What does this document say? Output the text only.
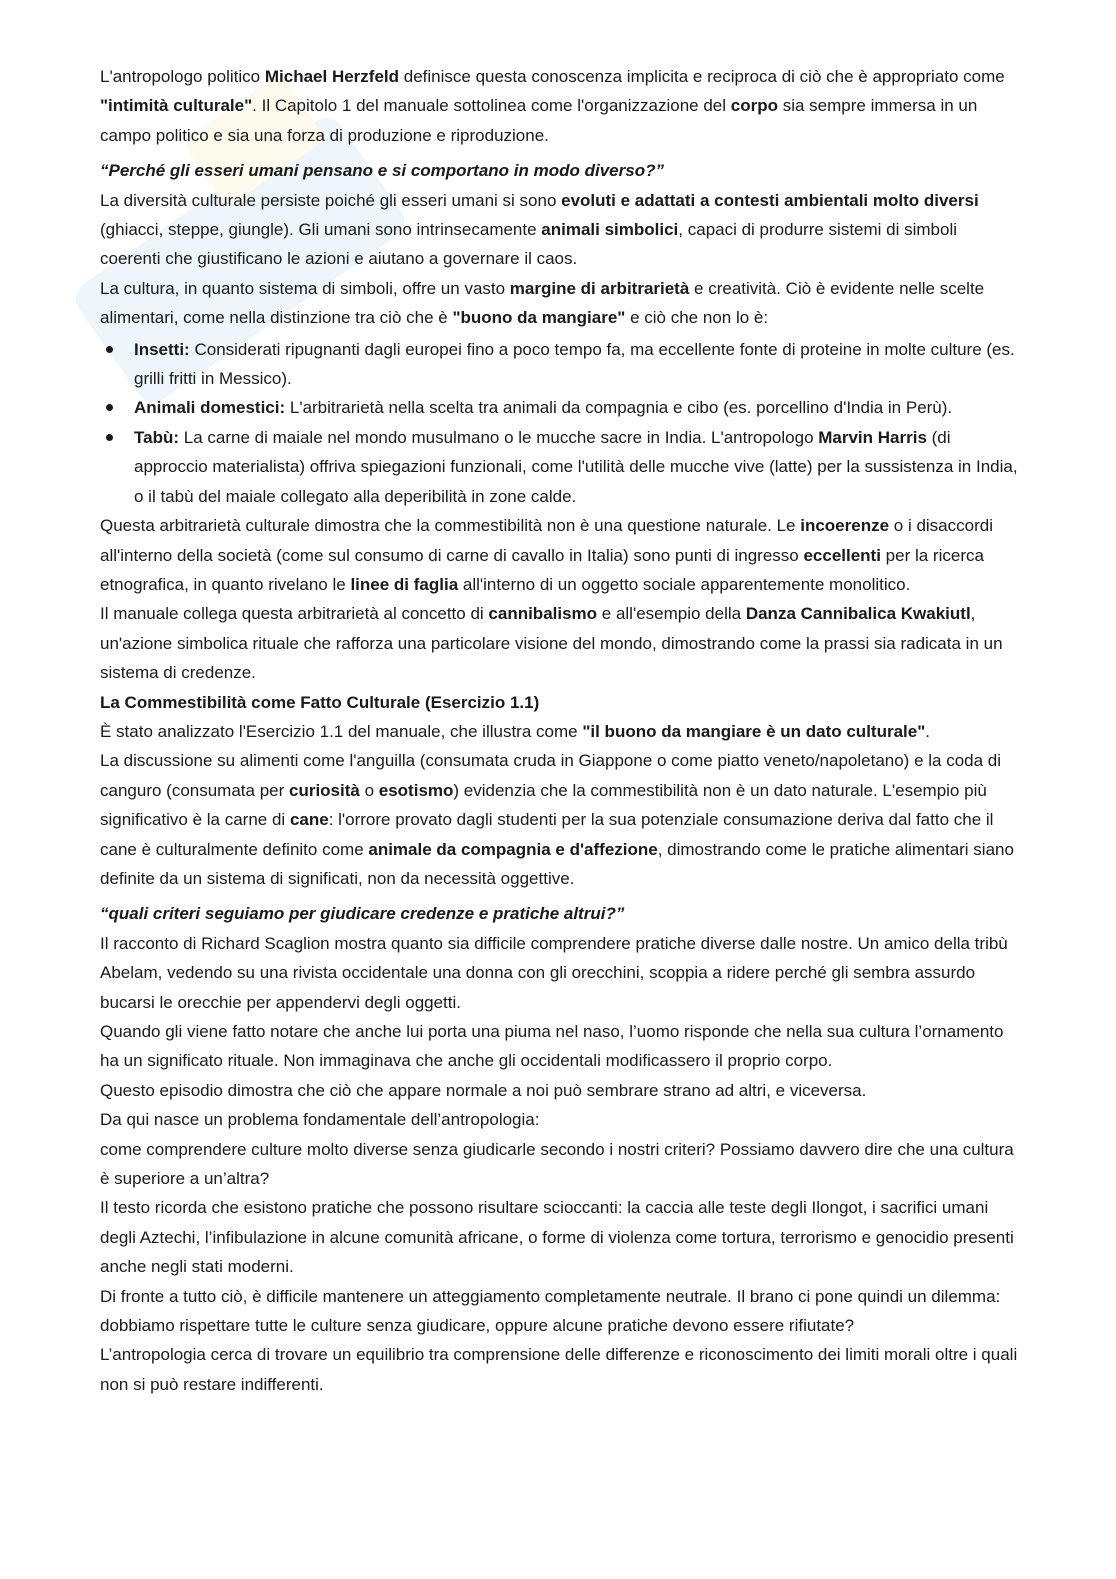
L'antropologo politico Michael Herzfeld definisce questa conoscenza implicita e reciproca di ciò che è appropriato come "intimità culturale". Il Capitolo 1 del manuale sottolinea come l'organizzazione del corpo sia sempre immersa in un campo politico e sia una forza di produzione e riproduzione.

“Perché gli esseri umani pensano e si comportano in modo diverso?”

La diversità culturale persiste poiché gli esseri umani si sono evoluti e adattati a contesti ambientali molto diversi (ghiacci, steppe, giungle). Gli umani sono intrinsecamente animali simbolici, capaci di produrre sistemi di simboli coerenti che giustificano le azioni e aiutano a governare il caos.

La cultura, in quanto sistema di simboli, offre un vasto margine di arbitrarietà e creatività. Ciò è evidente nelle scelte alimentari, come nella distinzione tra ciò che è "buono da mangiare" e ciò che non lo è:

Insetti: Considerati ripugnanti dagli europei fino a poco tempo fa, ma eccellente fonte di proteine in molte culture (es. grilli fritti in Messico).
Animali domestici: L'arbitrarietà nella scelta tra animali da compagnia e cibo (es. porcellino d'India in Perù).
Tabù: La carne di maiale nel mondo musulmano o le mucche sacre in India. L'antropologo Marvin Harris (di approccio materialista) offriva spiegazioni funzionali, come l'utilità delle mucche vive (latte) per la sussistenza in India, o il tabù del maiale collegato alla deperibilità in zone calde.

Questa arbitrarietà culturale dimostra che la commestibilità non è una questione naturale. Le incoerenze o i disaccordi all'interno della società (come sul consumo di carne di cavallo in Italia) sono punti di ingresso eccellenti per la ricerca etnografica, in quanto rivelano le linee di faglia all'interno di un oggetto sociale apparentemente monolitico.

Il manuale collega questa arbitrarietà al concetto di cannibalismo e all'esempio della Danza Cannibalica Kwakiutl, un'azione simbolica rituale che rafforza una particolare visione del mondo, dimostrando come la prassi sia radicata in un sistema di credenze.

La Commestibilità come Fatto Culturale (Esercizio 1.1)

È stato analizzato l'Esercizio 1.1 del manuale, che illustra come "il buono da mangiare è un dato culturale".

La discussione su alimenti come l'anguilla (consumata cruda in Giappone o come piatto veneto/napoletano) e la coda di canguro (consumata per curiosità o esotismo) evidenzia che la commestibilità non è un dato naturale. L'esempio più significativo è la carne di cane: l'orrore provato dagli studenti per la sua potenziale consumazione deriva dal fatto che il cane è culturalmente definito come animale da compagnia e d'affezione, dimostrando come le pratiche alimentari siano definite da un sistema di significati, non da necessità oggettive.

“quali criteri seguiamo per giudicare credenze e pratiche altrui?”

Il racconto di Richard Scaglion mostra quanto sia difficile comprendere pratiche diverse dalle nostre. Un amico della tribù Abelam, vedendo su una rivista occidentale una donna con gli orecchini, scoppia a ridere perché gli sembra assurdo bucarsi le orecchie per appendervi degli oggetti.

Quando gli viene fatto notare che anche lui porta una piuma nel naso, l’uomo risponde che nella sua cultura l’ornamento ha un significato rituale. Non immaginava che anche gli occidentali modificassero il proprio corpo.

Questo episodio dimostra che ciò che appare normale a noi può sembrare strano ad altri, e viceversa.

Da qui nasce un problema fondamentale dell’antropologia:

come comprendere culture molto diverse senza giudicarle secondo i nostri criteri? Possiamo davvero dire che una cultura è superiore a un’altra?

Il testo ricorda che esistono pratiche che possono risultare scioccanti: la caccia alle teste degli Ilongot, i sacrifici umani degli Aztechi, l’infibulazione in alcune comunità africane, o forme di violenza come tortura, terrorismo e genocidio presenti anche negli stati moderni.

Di fronte a tutto ciò, è difficile mantenere un atteggiamento completamente neutrale. Il brano ci pone quindi un dilemma: dobbiamo rispettare tutte le culture senza giudicare, oppure alcune pratiche devono essere rifiutate?

L’antropologia cerca di trovare un equilibrio tra comprensione delle differenze e riconoscimento dei limiti morali oltre i quali non si può restare indifferenti.
